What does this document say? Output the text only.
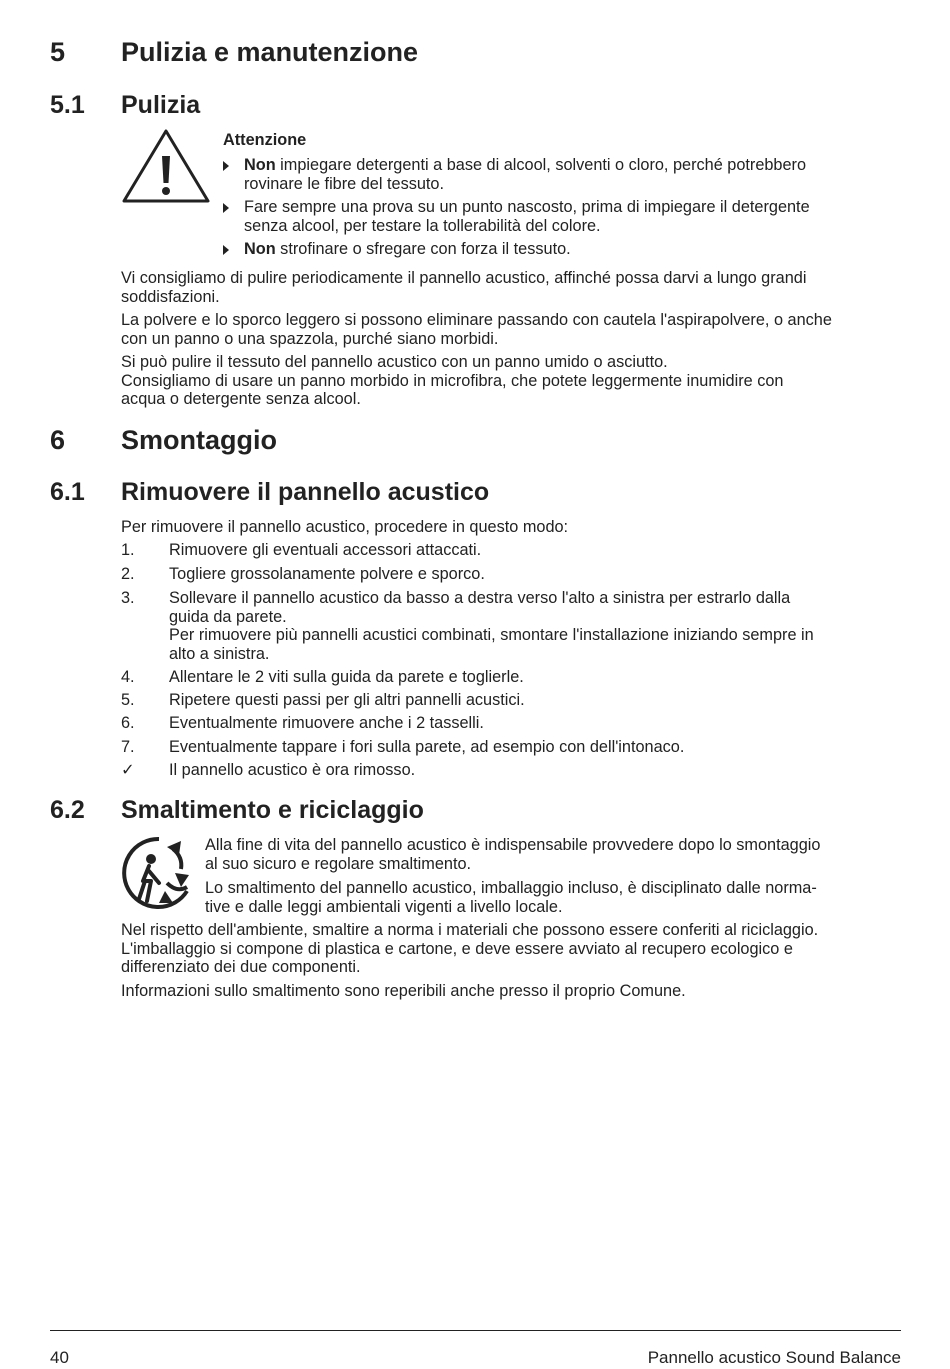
5 Pulizia e manutenzione
5.1 Pulizia
Attenzione
Non impiegare detergenti a base di alcool, solventi o cloro, perché potrebbero
rovinare le fibre del tessuto.
Fare sempre una prova su un punto nascosto, prima di impiegare il detergente
senza alcool, per testare la tollerabilità del colore.
Non strofinare o sfregare con forza il tessuto.
Vi consigliamo di pulire periodicamente il pannello acustico, affinché possa darvi a lungo grandi
soddisfazioni.
La polvere e lo sporco leggero si possono eliminare passando con cautela l'aspirapolvere, o anche
con un panno o una spazzola, purché siano morbidi.
Si può pulire il tessuto del pannello acustico con un panno umido o asciutto.
Consigliamo di usare un panno morbido in microfibra, che potete leggermente inumidire con
acqua o detergente senza alcool.
6 Smontaggio
6.1 Rimuovere il pannello acustico
Per rimuovere il pannello acustico, procedere in questo modo:
1. Rimuovere gli eventuali accessori attaccati.
2. Togliere grossolanamente polvere e sporco.
3. Sollevare il pannello acustico da basso a destra verso l'alto a sinistra per estrarlo dalla
guida da parete.
Per rimuovere più pannelli acustici combinati, smontare l'installazione iniziando sempre in
alto a sinistra.
4. Allentare le 2 viti sulla guida da parete e toglierle.
5. Ripetere questi passi per gli altri pannelli acustici.
6. Eventualmente rimuovere anche i 2 tasselli.
7. Eventualmente tappare i fori sulla parete, ad esempio con dell'intonaco.
✓ Il pannello acustico è ora rimosso.
6.2 Smaltimento e riciclaggio
Alla fine di vita del pannello acustico è indispensabile provvedere dopo lo smontaggio
al suo sicuro e regolare smaltimento.
Lo smaltimento del pannello acustico, imballaggio incluso, è disciplinato dalle norma-
tive e dalle leggi ambientali vigenti a livello locale.
Nel rispetto dell'ambiente, smaltire a norma i materiali che possono essere conferiti al riciclaggio.
L'imballaggio si compone di plastica e cartone, e deve essere avviato al recupero ecologico e
differenziato dei due componenti.
Informazioni sullo smaltimento sono reperibili anche presso il proprio Comune.
40	Pannello acustico Sound Balance
